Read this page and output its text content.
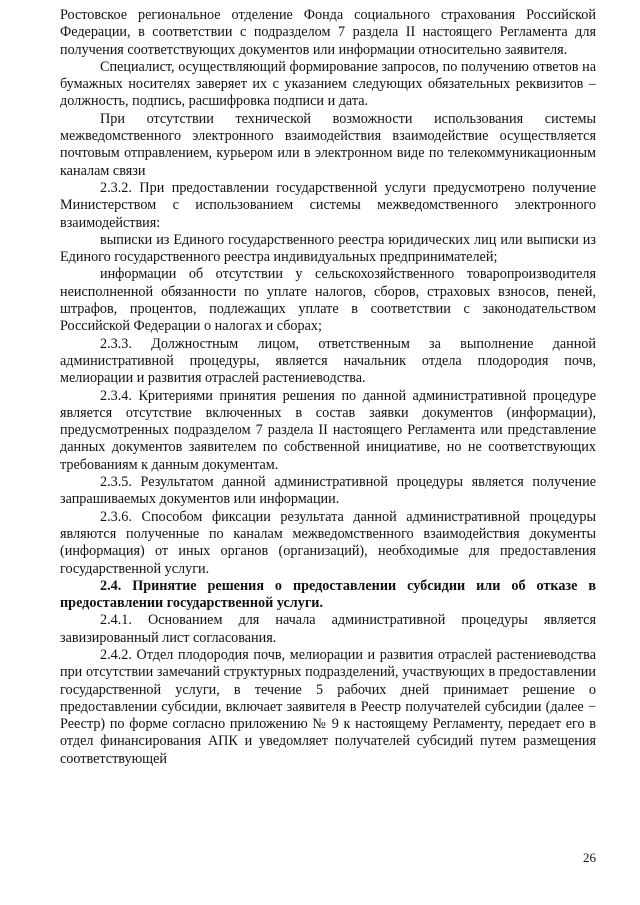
Ростовское региональное отделение Фонда социального страхования Российской Федерации, в соответствии с подразделом 7 раздела II настоящего Регламента для получения соответствующих документов или информации относительно заявителя.

Специалист, осуществляющий формирование запросов, по получению ответов на бумажных носителях заверяет их с указанием следующих обязательных реквизитов – должность, подпись, расшифровка подписи и дата.

При отсутствии технической возможности использования системы межведомственного электронного взаимодействия взаимодействие осуществляется почтовым отправлением, курьером или в электронном виде по телекоммуникационным каналам связи

2.3.2. При предоставлении государственной услуги предусмотрено получение Министерством с использованием системы межведомственного электронного взаимодействия:

выписки из Единого государственного реестра юридических лиц или выписки из Единого государственного реестра индивидуальных предпринимателей;

информации об отсутствии у сельскохозяйственного товаропроизводителя неисполненной обязанности по уплате налогов, сборов, страховых взносов, пеней, штрафов, процентов, подлежащих уплате в соответствии с законодательством Российской Федерации о налогах и сборах;

2.3.3. Должностным лицом, ответственным за выполнение данной административной процедуры, является начальник отдела плодородия почв, мелиорации и развития отраслей растениеводства.

2.3.4. Критериями принятия решения по данной административной процедуре является отсутствие включенных в состав заявки документов (информации), предусмотренных подразделом 7 раздела II настоящего Регламента или представление данных документов заявителем по собственной инициативе, но не соответствующих требованиям к данным документам.

2.3.5. Результатом данной административной процедуры является получение запрашиваемых документов или информации.

2.3.6. Способом фиксации результата данной административной процедуры являются полученные по каналам межведомственного взаимодействия документы (информация) от иных органов (организаций), необходимые для предоставления государственной услуги.

2.4. Принятие решения о предоставлении субсидии или об отказе в предоставлении государственной услуги.

2.4.1. Основанием для начала административной процедуры является завизированный лист согласования.

2.4.2. Отдел плодородия почв, мелиорации и развития отраслей растениеводства при отсутствии замечаний структурных подразделений, участвующих в предоставлении государственной услуги, в течение 5 рабочих дней принимает решение о предоставлении субсидии, включает заявителя в Реестр получателей субсидии (далее − Реестр) по форме согласно приложению № 9 к настоящему Регламенту, передает его в отдел финансирования АПК и уведомляет получателей субсидий путем размещения соответствующей

26
